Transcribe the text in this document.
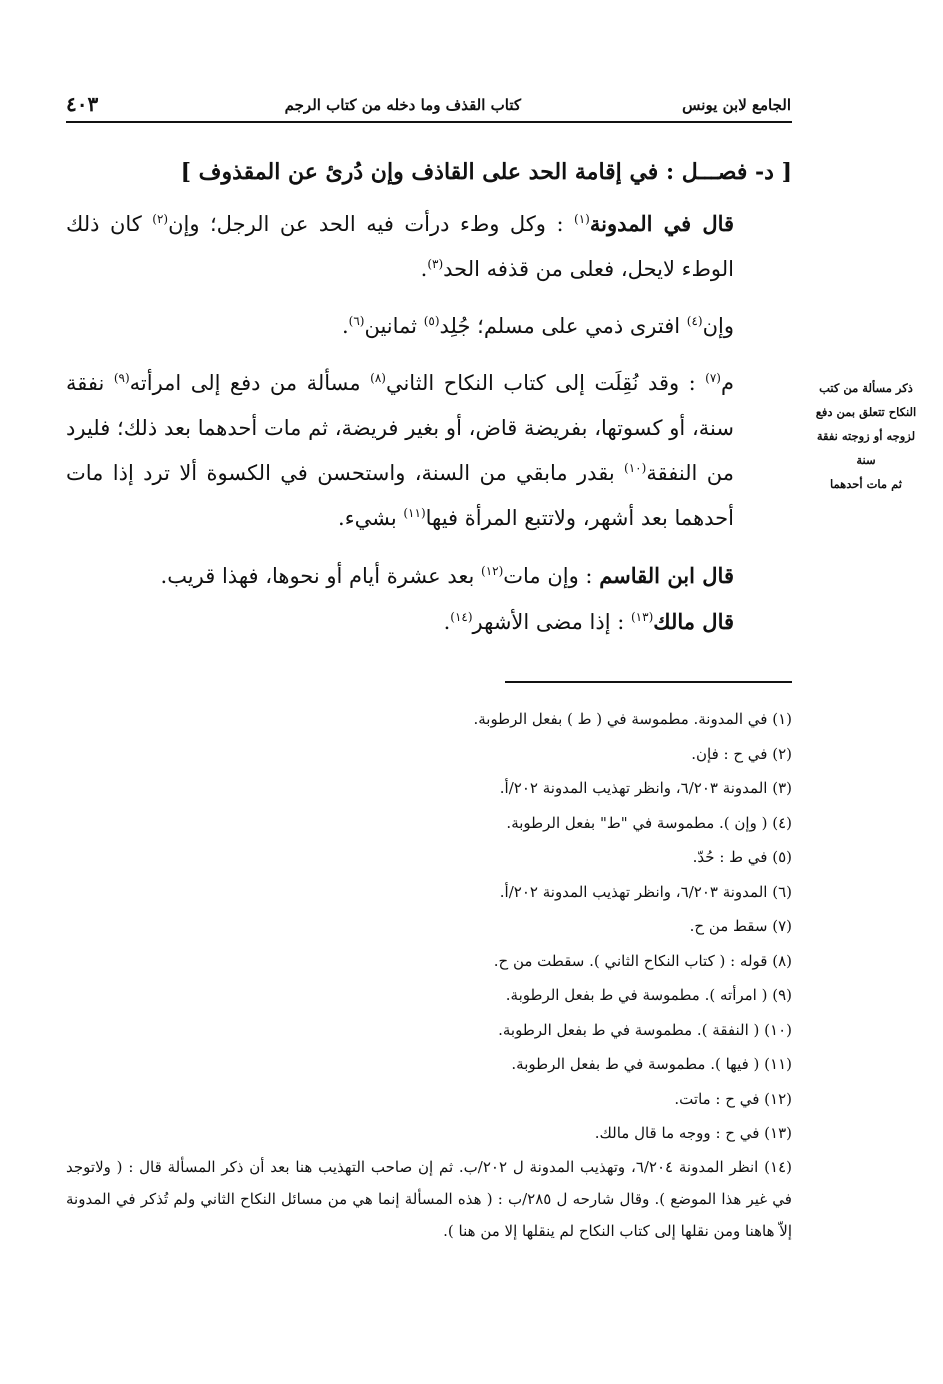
الجامع لابن يونس
كتاب القذف وما دخله من كتاب الرجم
٤٠٣

[ د- فصـــل : في إقامة الحد على القاذف وإن دُرئ عن المقذوف ]

قال في المدونة$^{(١)}$ : وكل وطء درأت فيه الحد عن الرجل؛ وإن$^{(٢)}$ كان ذلك الوطء لايحل، فعلى من قذفه الحد$^{(٣)}$.

وإن$^{(٤)}$ افترى ذمي على مسلم؛ جُلِد$^{(٥)}$ ثمانين$^{(٦)}$.

م$^{(٧)}$ : وقد نُقِلَت إلى كتاب النكاح الثاني$^{(٨)}$ مسألة من دفع إلى امرأته$^{(٩)}$ نفقة سنة، أو كسوتها، بفريضة قاض، أو بغير فريضة، ثم مات أحدهما بعد ذلك؛ فليرد من النفقة$^{(١٠)}$ بقدر مابقي من السنة، واستحسن في الكسوة ألا ترد إذا مات أحدهما بعد أشهر، ولاتتبع المرأة فيها$^{(١١)}$ بشيء.

قال ابن القاسم : وإن مات$^{(١٢)}$ بعد عشرة أيام أو نحوها، فهذا قريب.

قال مالك$^{(١٣)}$ : إذا مضى الأشهر$^{(١٤)}$.

ذكر مسألة من كتب
النكاح تتعلق بمن دفع
لزوجه أو زوجته نفقة سنة
ثم مات أحدهما

(١) في المدونة. مطموسة في ( ط ) بفعل الرطوبة.

(٢) في ح : فإن.

(٣) المدونة ٦/٢٠٣، وانظر تهذيب المدونة ٢٠٢/أ.

(٤) ( وإن ). مطموسة في "ط" بفعل الرطوبة.

(٥) في ط : حُدّ.

(٦) المدونة ٦/٢٠٣، وانظر تهذيب المدونة ٢٠٢/أ.

(٧) سقط من ح.

(٨) قوله : ( كتاب النكاح الثاني ). سقطت من ح.

(٩) ( امرأته ). مطموسة في ط بفعل الرطوبة.

(١٠) ( النفقة ). مطموسة في ط بفعل الرطوبة.

(١١) ( فيها ). مطموسة في ط بفعل الرطوبة.

(١٢) في ح : ماتت.

(١٣) في ح : ووجه ما قال مالك.

(١٤) انظر المدونة ٦/٢٠٤، وتهذيب المدونة ل ٢٠٢/ب. ثم إن صاحب التهذيب هنا بعد أن ذكر المسألة قال : ( ولاتوجد في غير هذا الموضع ). وقال شارحه ل ٢٨٥/ب : ( هذه المسألة إنما هي من مسائل النكاح الثاني ولم تُذكر في المدونة إلاّ هاهنا ومن نقلها إلى كتاب النكاح لم ينقلها إلا من هنا ).
